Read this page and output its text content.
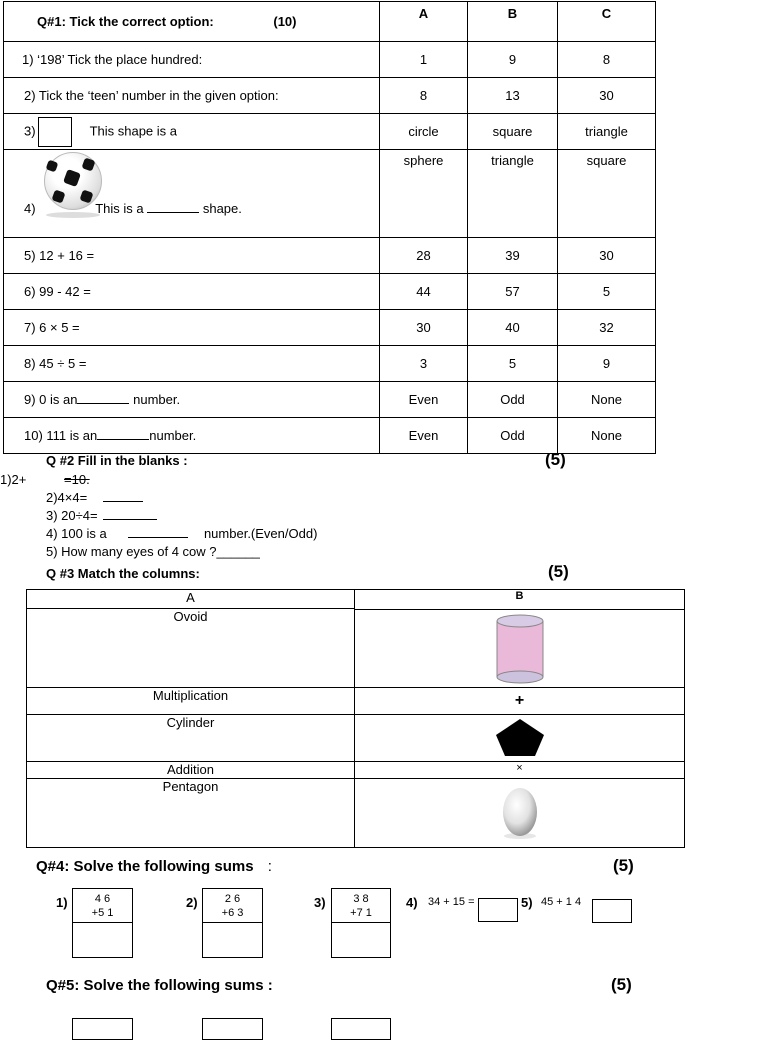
Q#1: Tick the correct option: (10)	A	B	C
1) ‘198’ Tick the place hundred:	1	9	8
2) Tick the ‘teen’ number in the given option:	8	13	30
3) This shape is a	circle	square	triangle

4) This is a shape.	sphere	triangle	square
5) 12 + 16 =	28	39	30
6) 99 - 42 =	44	57	5
7) 6 × 5 =	30	40	32
8) 45 ÷ 5 =	3	5	9
9) 0 is an number.	Even	Odd	None
10) 111 is an number.	Even	Odd	None
Q #2 Fill in the blanks :	(5)
1)2+	=10.
2)4×4=
3) 20÷4=
4) 100 is a	number.(Even/Odd)
5) How many eyes of 4 cow ?______
Q #3 Match the columns:	(5)
A	B
Ovoid	

Multiplication	+
Cylinder	
Addition	×
Pentagon	
Q#4: Solve the following sums :	(5)
1)	4 6
+5 1
2)	2 6
+6 3
3)	3 8
+7 1
4) 34 + 15 =	5) 45 + 1 4
Q#5: Solve the following sums :	(5)
